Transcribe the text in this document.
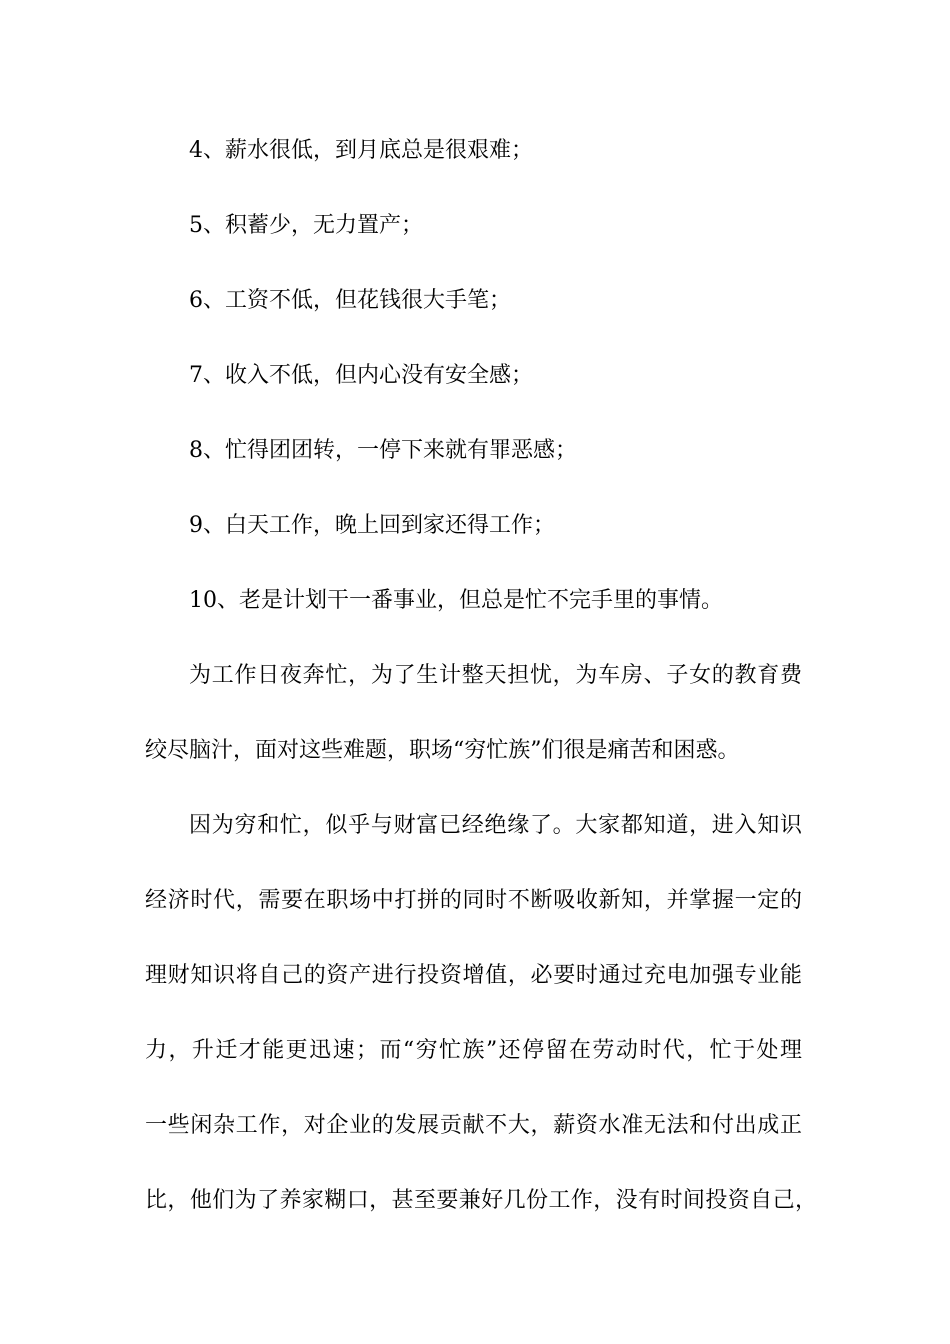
4、薪水很低，到月底总是很艰难；
5、积蓄少，无力置产；
6、工资不低，但花钱很大手笔；
7、收入不低，但内心没有安全感；
8、忙得团团转，一停下来就有罪恶感；
9、白天工作，晚上回到家还得工作；
10、老是计划干一番事业，但总是忙不完手里的事情。
为工作日夜奔忙，为了生计整天担忧，为车房、子女的教育费
绞尽脑汁，面对这些难题，职场“穷忙族”们很是痛苦和困惑。
因为穷和忙，似乎与财富已经绝缘了。大家都知道，进入知识
经济时代，需要在职场中打拼的同时不断吸收新知，并掌握一定的
理财知识将自己的资产进行投资增值，必要时通过充电加强专业能
力，升迁才能更迅速；而“穷忙族”还停留在劳动时代，忙于处理
一些闲杂工作，对企业的发展贡献不大，薪资水准无法和付出成正
比，他们为了养家糊口，甚至要兼好几份工作，没有时间投资自己，
